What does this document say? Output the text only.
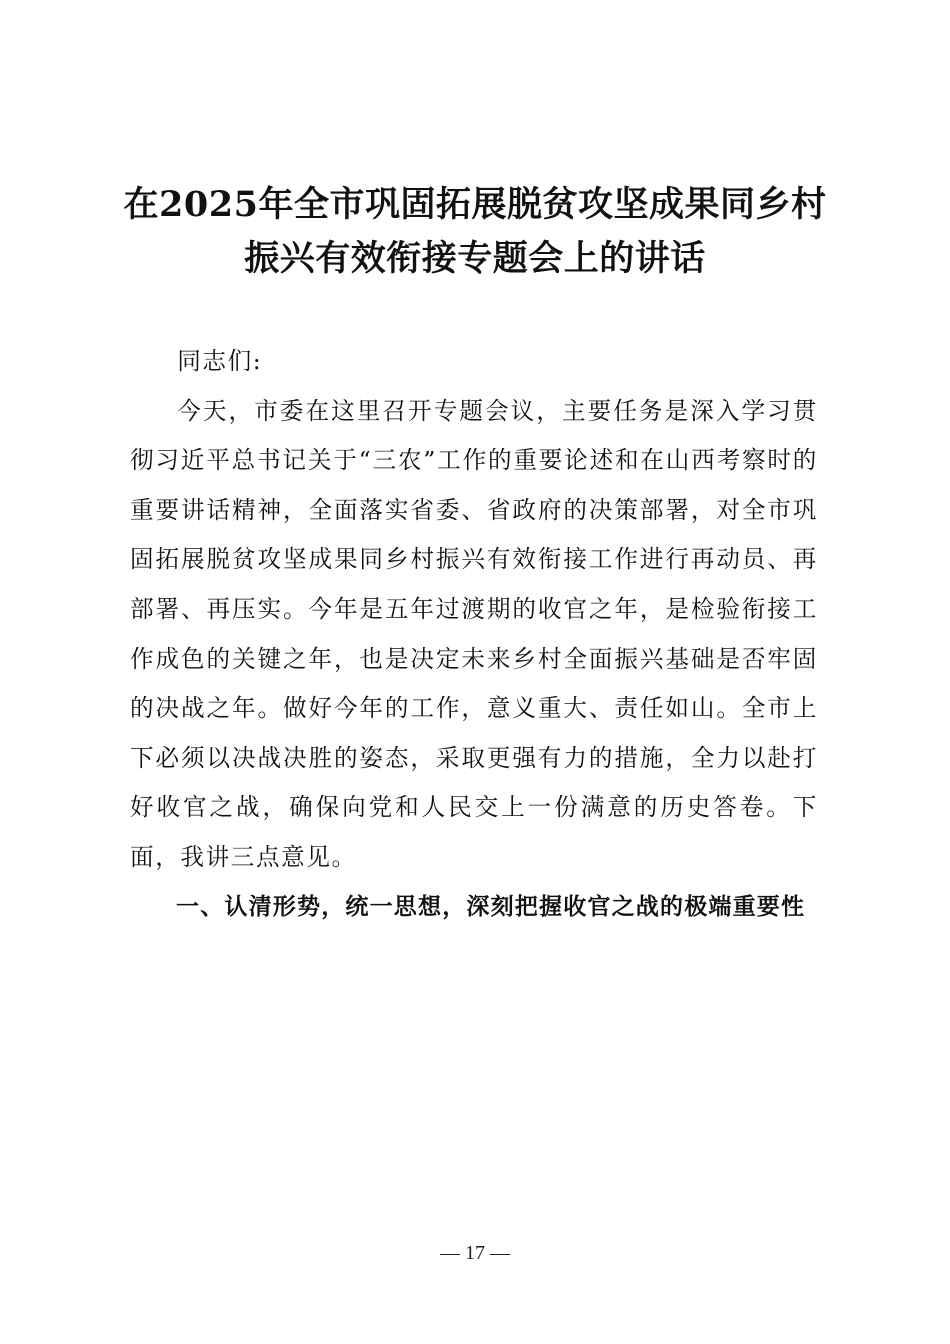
在2025年全市巩固拓展脱贫攻坚成果同乡村
振兴有效衔接专题会上的讲话

同志们:

今天，市委在这里召开专题会议，主要任务是深入学习贯彻习近平总书记关于“三农”工作的重要论述和在山西考察时的重要讲话精神，全面落实省委、省政府的决策部署，对全市巩固拓展脱贫攻坚成果同乡村振兴有效衔接工作进行再动员、再部署、再压实。今年是五年过渡期的收官之年，是检验衔接工作成色的关键之年，也是决定未来乡村全面振兴基础是否牢固的决战之年。做好今年的工作，意义重大、责任如山。全市上下必须以决战决胜的姿态，采取更强有力的措施，全力以赴打好收官之战，确保向党和人民交上一份满意的历史答卷。下面，我讲三点意见。

一、认清形势，统一思想，深刻把握收官之战的极端重要性

— 17 —
